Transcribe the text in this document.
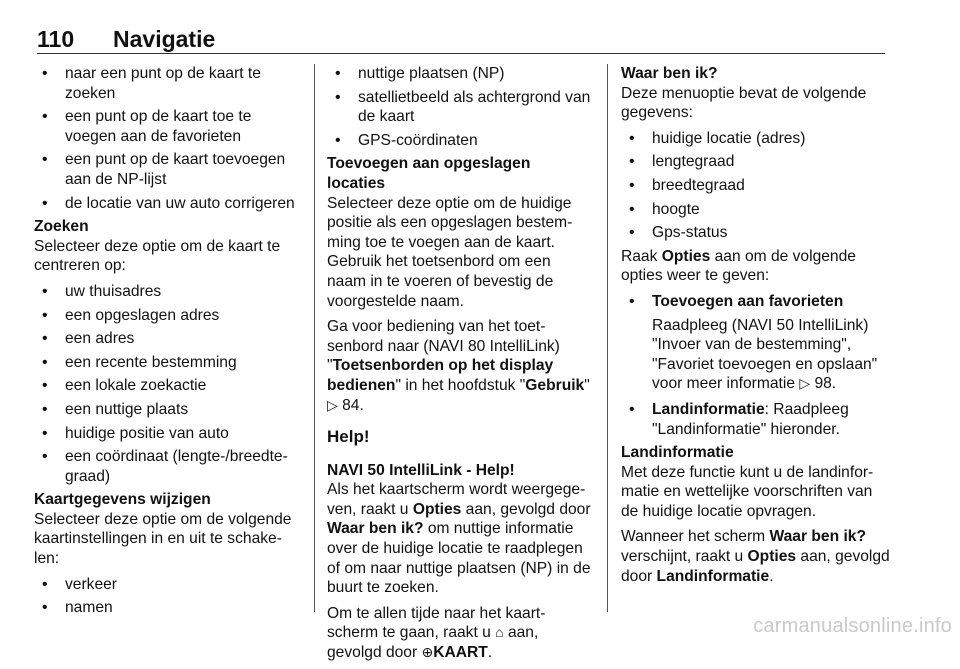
110 Navigatie
• naar een punt op de kaart te zoeken
• een punt op de kaart toe te voegen aan de favorieten
• een punt op de kaart toevoegen aan de NP-lijst
• de locatie van uw auto corrigeren

Zoeken

Selecteer deze optie om de kaart te centreren op:

• uw thuisadres
• een opgeslagen adres
• een adres
• een recente bestemming
• een lokale zoekactie
• een nuttige plaats
• huidige positie van auto
• een coördinaat (lengte-/breedte-graad)

Kaartgegevens wijzigen

Selecteer deze optie om de volgende kaartinstellingen in en uit te schake-len:

• verkeer
• namen
• nuttige plaatsen (NP)
• satellietbeeld als achtergrond van de kaart
• GPS-coördinaten

Toevoegen aan opgeslagen locaties

Selecteer deze optie om de huidige positie als een opgeslagen bestem-ming toe te voegen aan de kaart. Gebruik het toetsenbord om een naam in te voeren of bevestig de voorgestelde naam.

Ga voor bediening van het toet-senbord naar (NAVI 80 IntelliLink) "Toetsenborden op het display bedienen" in het hoofdstuk "Gebruik"
▷ 84.

Help!

NAVI 50 IntelliLink - Help!

Als het kaartscherm wordt weergege-ven, raakt u Opties aan, gevolgd door Waar ben ik? om nuttige informatie over de huidige locatie te raadplegen of om naar nuttige plaatsen (NP) in de buurt te zoeken.

Om te allen tijde naar het kaart-scherm te gaan, raakt u ⌂ aan, gevolgd door ⊕KAART.

Waar ben ik?

Deze menuoptie bevat de volgende gegevens:

• huidige locatie (adres)
• lengtegraad
• breedtegraad
• hoogte
• Gps-status

Raak Opties aan om de volgende opties weer te geven:

• Toevoegen aan favorieten

Raadpleeg (NAVI 50 IntelliLink) "Invoer van de bestemming", "Favoriet toevoegen en opslaan" voor meer informatie ▷ 98.

• Landinformatie: Raadpleeg "Landinformatie" hieronder.

Landinformatie

Met deze functie kunt u de landinfor-matie en wettelijke voorschriften van de huidige locatie opvragen.

Wanneer het scherm Waar ben ik? verschijnt, raakt u Opties aan, gevolgd door Landinformatie.

carmanualsonline.info
